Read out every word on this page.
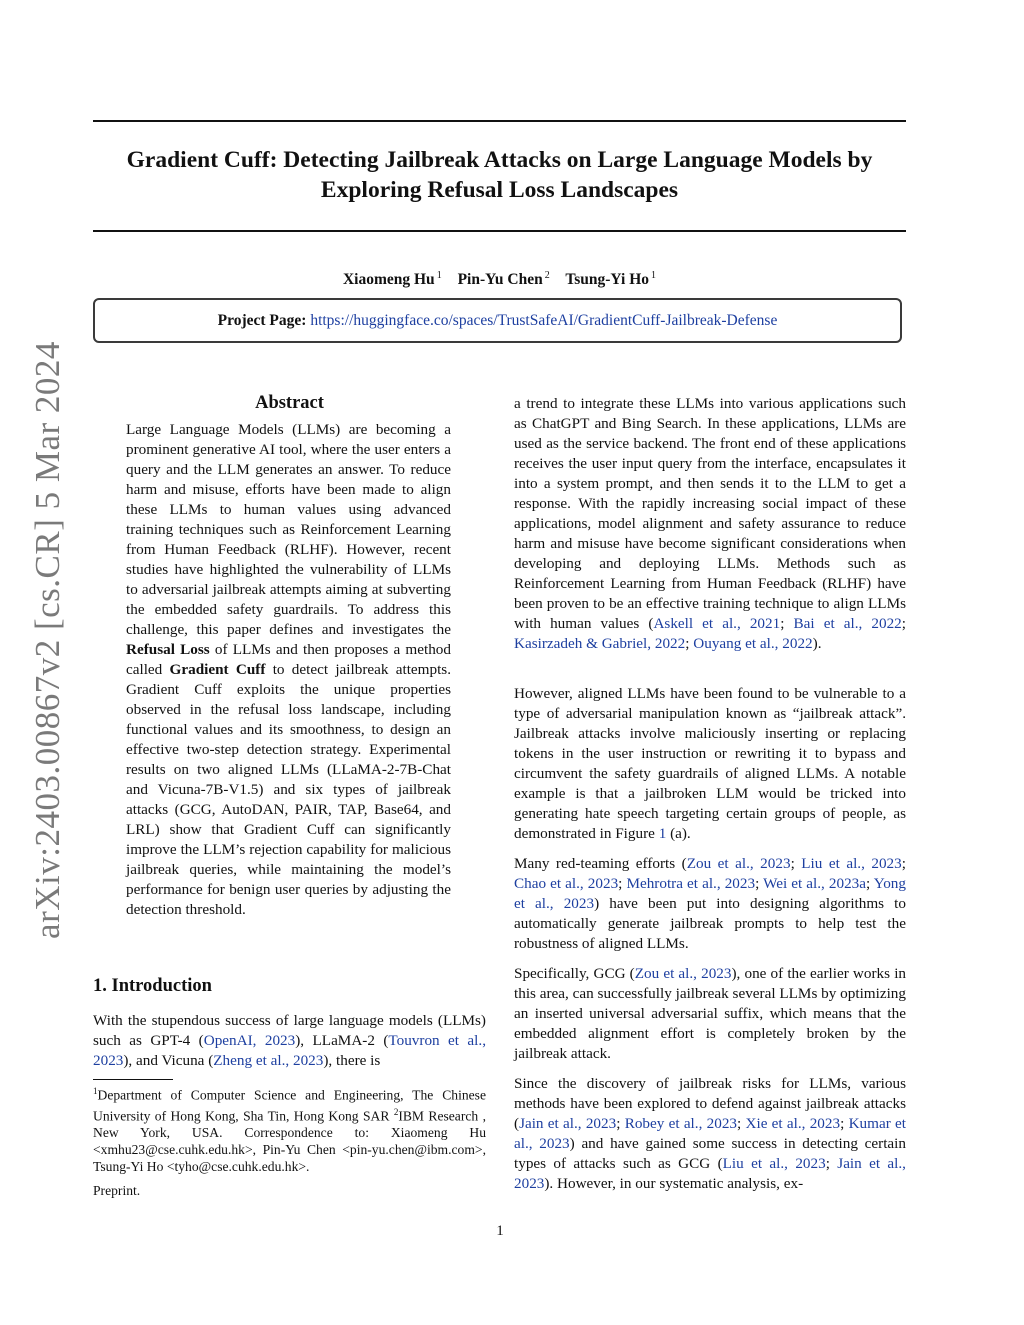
Gradient Cuff: Detecting Jailbreak Attacks on Large Language Models by
Exploring Refusal Loss Landscapes
Xiaomeng Hu $^1$ Pin-Yu Chen $^2$ Tsung-Yi Ho $^1$
Project Page: https://huggingface.co/spaces/TrustSafeAI/GradientCuff-Jailbreak-Defense
arXiv:2403.00867v2 [cs.CR] 5 Mar 2024	Abstract

Large Language Models (LLMs) are becoming a prominent generative AI tool, where the user enters a query and the LLM generates an answer. To reduce harm and misuse, efforts have been made to align these LLMs to human values using advanced training techniques such as Reinforcement Learning from Human Feedback (RLHF). However, recent studies have highlighted the vulnerability of LLMs to adversarial jailbreak attempts aiming at subverting the embedded safety guardrails. To address this challenge, this paper defines and investigates the Refusal Loss of LLMs and then proposes a method called Gradient Cuff to detect jailbreak attempts. Gradient Cuff exploits the unique properties observed in the refusal loss landscape, including functional values and its smoothness, to design an effective two-step detection strategy. Experimental results on two aligned LLMs (LLaMA-2-7B-Chat and Vicuna-7B-V1.5) and six types of jailbreak attacks (GCG, AutoDAN, PAIR, TAP, Base64, and LRL) show that Gradient Cuff can significantly improve the LLM’s rejection capability for malicious jailbreak queries, while maintaining the model’s performance for benign user queries by adjusting the detection threshold.

1. Introduction

With the stupendous success of large language models (LLMs) such as GPT-4 (OpenAI, 2023), LLaMA-2 (Touvron et al., 2023), and Vicuna (Zheng et al., 2023), there is

$^1$Department of Computer Science and Engineering, The Chinese University of Hong Kong, Sha Tin, Hong Kong SAR $^2$IBM Research , New York, USA. Correspondence to: Xiaomeng Hu <xmhu23@cse.cuhk.edu.hk>, Pin-Yu Chen <pin-yu.chen@ibm.com>, Tsung-Yi Ho <tyho@cse.cuhk.edu.hk>.

Preprint.

a trend to integrate these LLMs into various applications such as ChatGPT and Bing Search. In these applications, LLMs are used as the service backend. The front end of these applications receives the user input query from the interface, encapsulates it into a system prompt, and then sends it to the LLM to get a response. With the rapidly increasing social impact of these applications, model alignment and safety assurance to reduce harm and misuse have become significant considerations when developing and deploying LLMs. Methods such as Reinforcement Learning from Human Feedback (RLHF) have been proven to be an effective training technique to align LLMs with human values (Askell et al., 2021; Bai et al., 2022; Kasirzadeh & Gabriel, 2022; Ouyang et al., 2022).

However, aligned LLMs have been found to be vulnerable to a type of adversarial manipulation known as “jailbreak attack”. Jailbreak attacks involve maliciously inserting or replacing tokens in the user instruction or rewriting it to bypass and circumvent the safety guardrails of aligned LLMs. A notable example is that a jailbroken LLM would be tricked into generating hate speech targeting certain groups of people, as demonstrated in Figure 1 (a).

Many red-teaming efforts (Zou et al., 2023; Liu et al., 2023; Chao et al., 2023; Mehrotra et al., 2023; Wei et al., 2023a; Yong et al., 2023) have been put into designing algorithms to automatically generate jailbreak prompts to help test the robustness of aligned LLMs.

Specifically, GCG (Zou et al., 2023), one of the earlier works in this area, can successfully jailbreak several LLMs by optimizing an inserted universal adversarial suffix, which means that the embedded alignment effort is completely broken by the jailbreak attack.

Since the discovery of jailbreak risks for LLMs, various methods have been explored to defend against jailbreak attacks (Jain et al., 2023; Robey et al., 2023; Xie et al., 2023; Kumar et al., 2023) and have gained some success in detecting certain types of attacks such as GCG (Liu et al., 2023; Jain et al., 2023). However, in our systematic analysis, ex-

1
